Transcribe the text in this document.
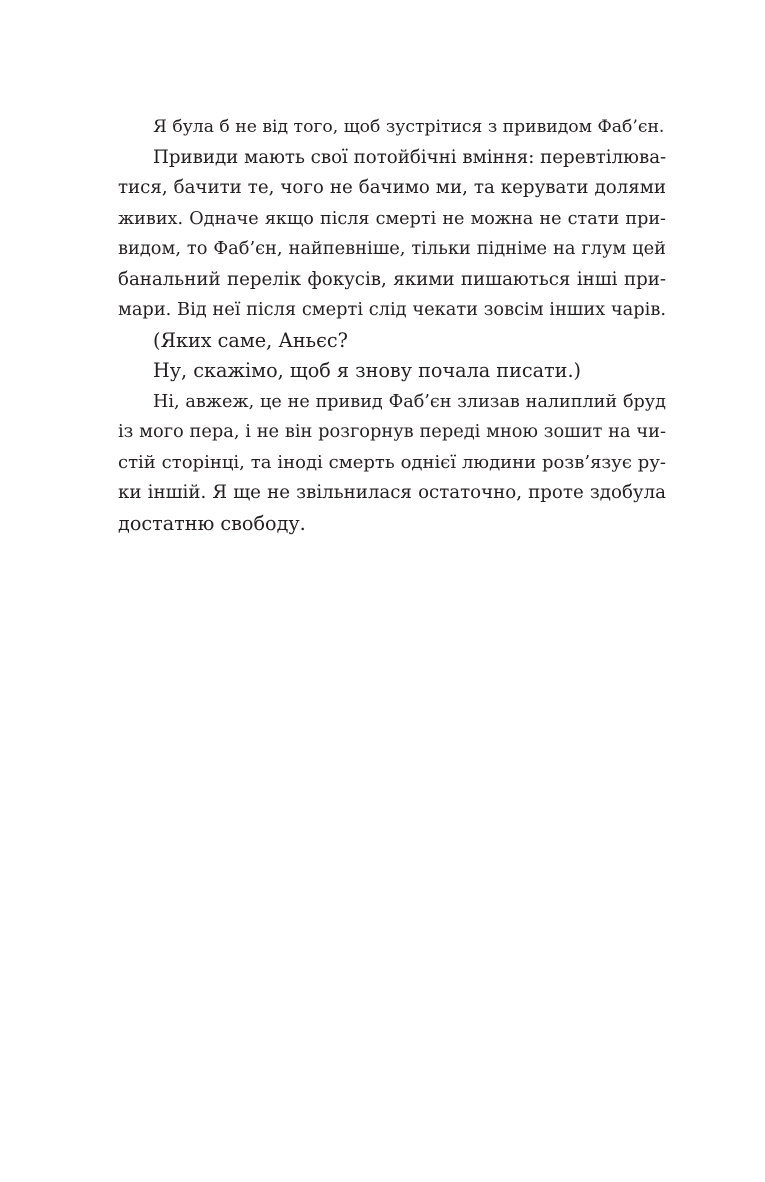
Я була б не від того, щоб зустрітися з привидом Фаб’єн.
Привиди мають свої потойбічні вміння: перевтілюва-
тися, бачити те, чого не бачимо ми, та керувати долями
живих. Одначе якщо після смерті не можна не стати при-
видом, то Фаб’єн, найпевніше, тільки підніме на глум цей
банальний перелік фокусів, якими пишаються інші при-
мари. Від неї після смерті слід чекати зовсім інших чарів.
(Яких саме, Аньєс?
Ну, скажімо, щоб я знову почала писати.)
Ні, авжеж, це не привид Фаб’єн злизав налиплий бруд
із мого пера, і не він розгорнув переді мною зошит на чи-
стій сторінці, та іноді смерть однієї людини розв’язує ру-
ки іншій. Я ще не звільнилася остаточно, проте здобула
достатню свободу.
